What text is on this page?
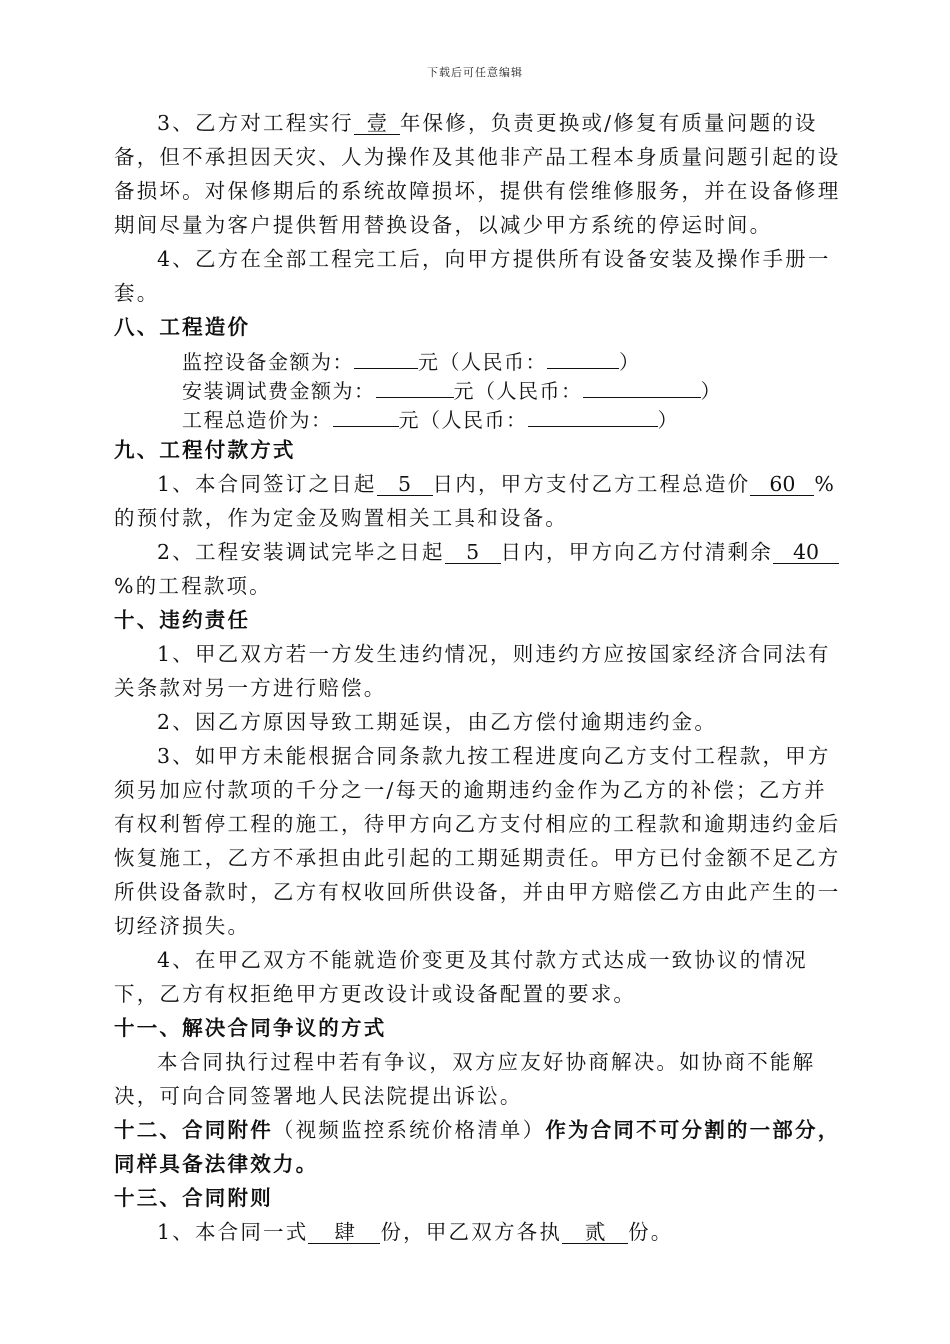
下载后可任意编辑
3、乙方对工程实行 壹 年保修，负责更换或/修复有质量问题的设
备，但不承担因天灾、人为操作及其他非产品工程本身质量问题引起的设
备损坏。对保修期后的系统故障损坏，提供有偿维修服务，并在设备修理
期间尽量为客户提供暂用替换设备，以减少甲方系统的停运时间。
4、乙方在全部工程完工后，向甲方提供所有设备安装及操作手册一
套。
八、工程造价
监控设备金额为：	元（人民币：	）
安装调试费金额为：	元（人民币：	）
工程总造价为：	元（人民币：	）
九、工程付款方式
1、本合同签订之日起 5 日内，甲方支付乙方工程总造价 60 %
的预付款，作为定金及购置相关工具和设备。
2、工程安装调试完毕之日起 5 日内，甲方向乙方付清剩余 40
%的工程款项。
十、违约责任
1、甲乙双方若一方发生违约情况，则违约方应按国家经济合同法有
关条款对另一方进行赔偿。
2、因乙方原因导致工期延误，由乙方偿付逾期违约金。
3、如甲方未能根据合同条款九按工程进度向乙方支付工程款，甲方
须另加应付款项的千分之一/每天的逾期违约金作为乙方的补偿；乙方并
有权利暂停工程的施工，待甲方向乙方支付相应的工程款和逾期违约金后
恢复施工，乙方不承担由此引起的工期延期责任。甲方已付金额不足乙方
所供设备款时，乙方有权收回所供设备，并由甲方赔偿乙方由此产生的一
切经济损失。
4、在甲乙双方不能就造价变更及其付款方式达成一致协议的情况
下，乙方有权拒绝甲方更改设计或设备配置的要求。
十一、解决合同争议的方式
本合同执行过程中若有争议，双方应友好协商解决。如协商不能解
决，可向合同签署地人民法院提出诉讼。
十二、合同附件（视频监控系统价格清单）作为合同不可分割的一部分，
同样具备法律效力。
十三、合同附则
1、本合同一式 肆 份，甲乙双方各执 贰 份。
